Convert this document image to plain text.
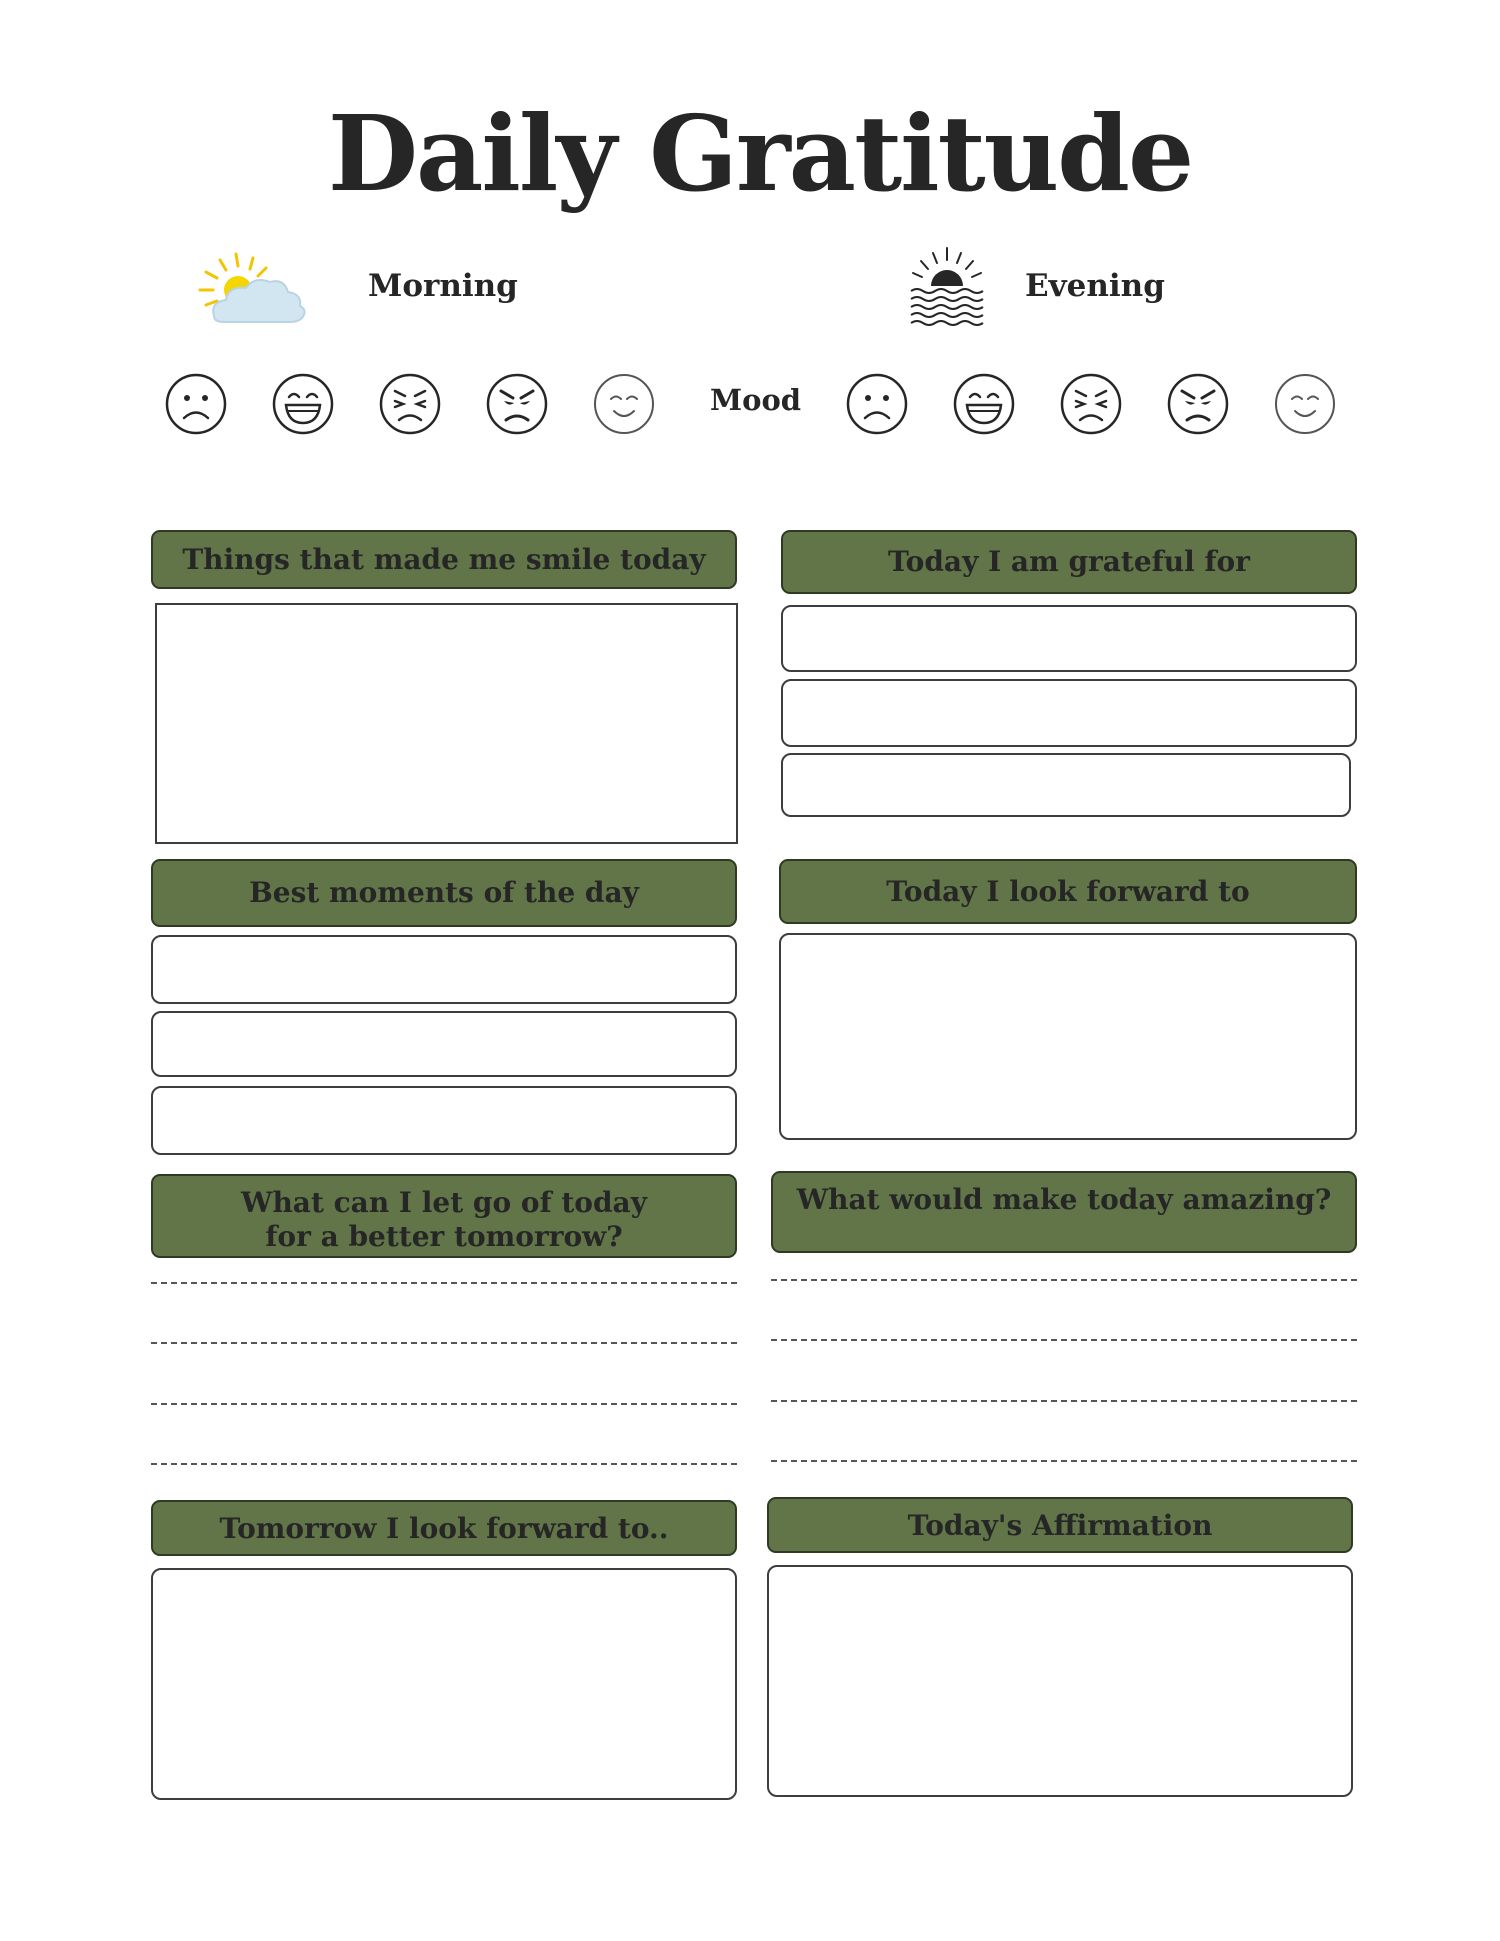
Daily Gratitude
Morning	Evening
Mood
Things that made me smile today	Today I am grateful for
Best moments of the day	Today I look forward to
What can I let go of today
for a better tomorrow?
What would make today amazing?
Tomorrow I look forward to..	Today's Affirmation
